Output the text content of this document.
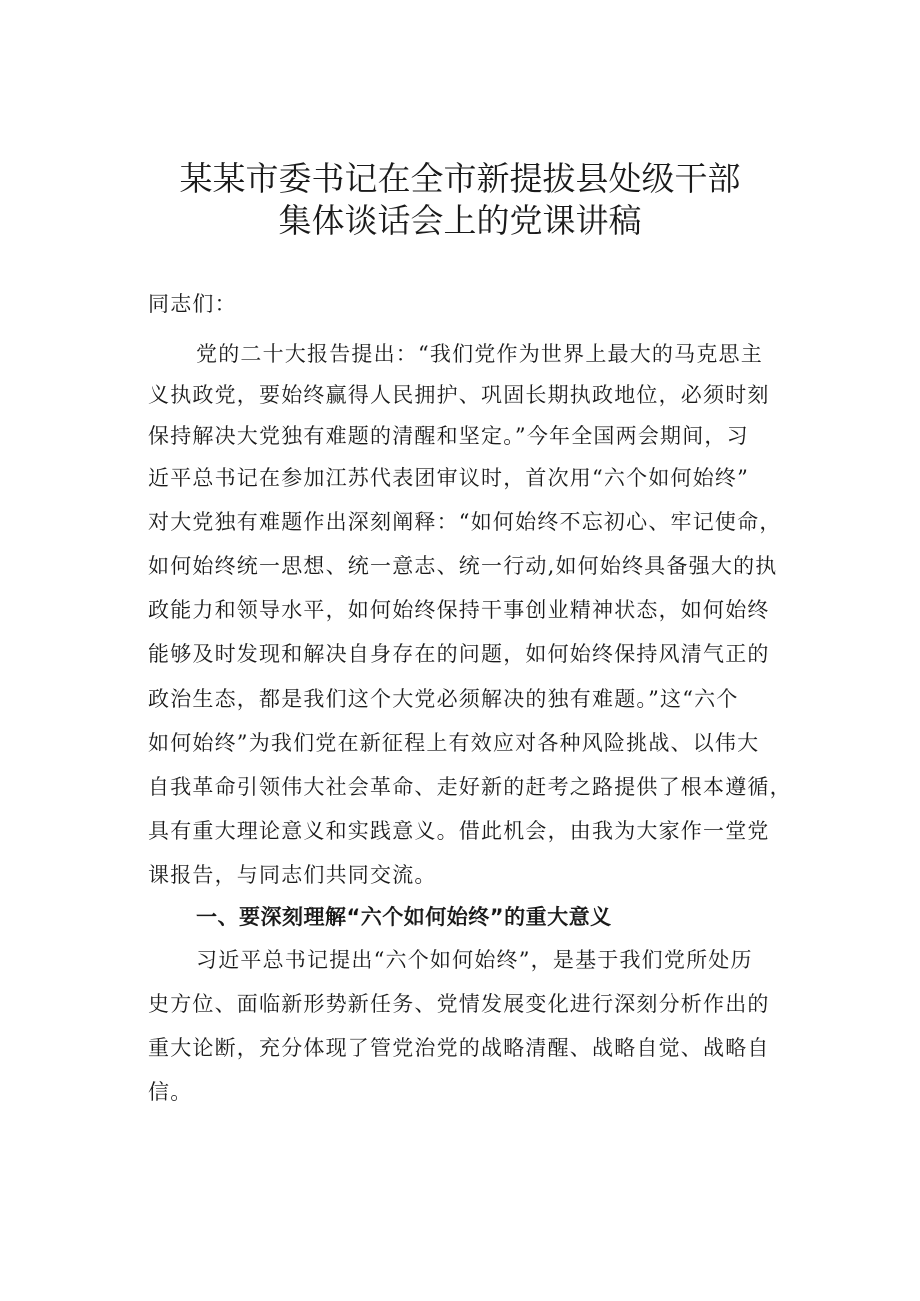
某某市委书记在全市新提拔县处级干部
集体谈话会上的党课讲稿
同志们：
党的二十大报告提出：“我们党作为世界上最大的马克思主
义执政党，要始终赢得人民拥护、巩固长期执政地位，必须时刻
保持解决大党独有难题的清醒和坚定。”今年全国两会期间，习
近平总书记在参加江苏代表团审议时，首次用“六个如何始终”
对大党独有难题作出深刻阐释：“如何始终不忘初心、牢记使命，
如何始终统一思想、统一意志、统一行动,如何始终具备强大的执
政能力和领导水平，如何始终保持干事创业精神状态，如何始终
能够及时发现和解决自身存在的问题，如何始终保持风清气正的
政治生态，都是我们这个大党必须解决的独有难题。”这“六个
如何始终”为我们党在新征程上有效应对各种风险挑战、以伟大
自我革命引领伟大社会革命、走好新的赶考之路提供了根本遵循，
具有重大理论意义和实践意义。借此机会，由我为大家作一堂党
课报告，与同志们共同交流。
一、要深刻理解“六个如何始终”的重大意义
习近平总书记提出“六个如何始终”，是基于我们党所处历
史方位、面临新形势新任务、党情发展变化进行深刻分析作出的
重大论断，充分体现了管党治党的战略清醒、战略自觉、战略自
信。
